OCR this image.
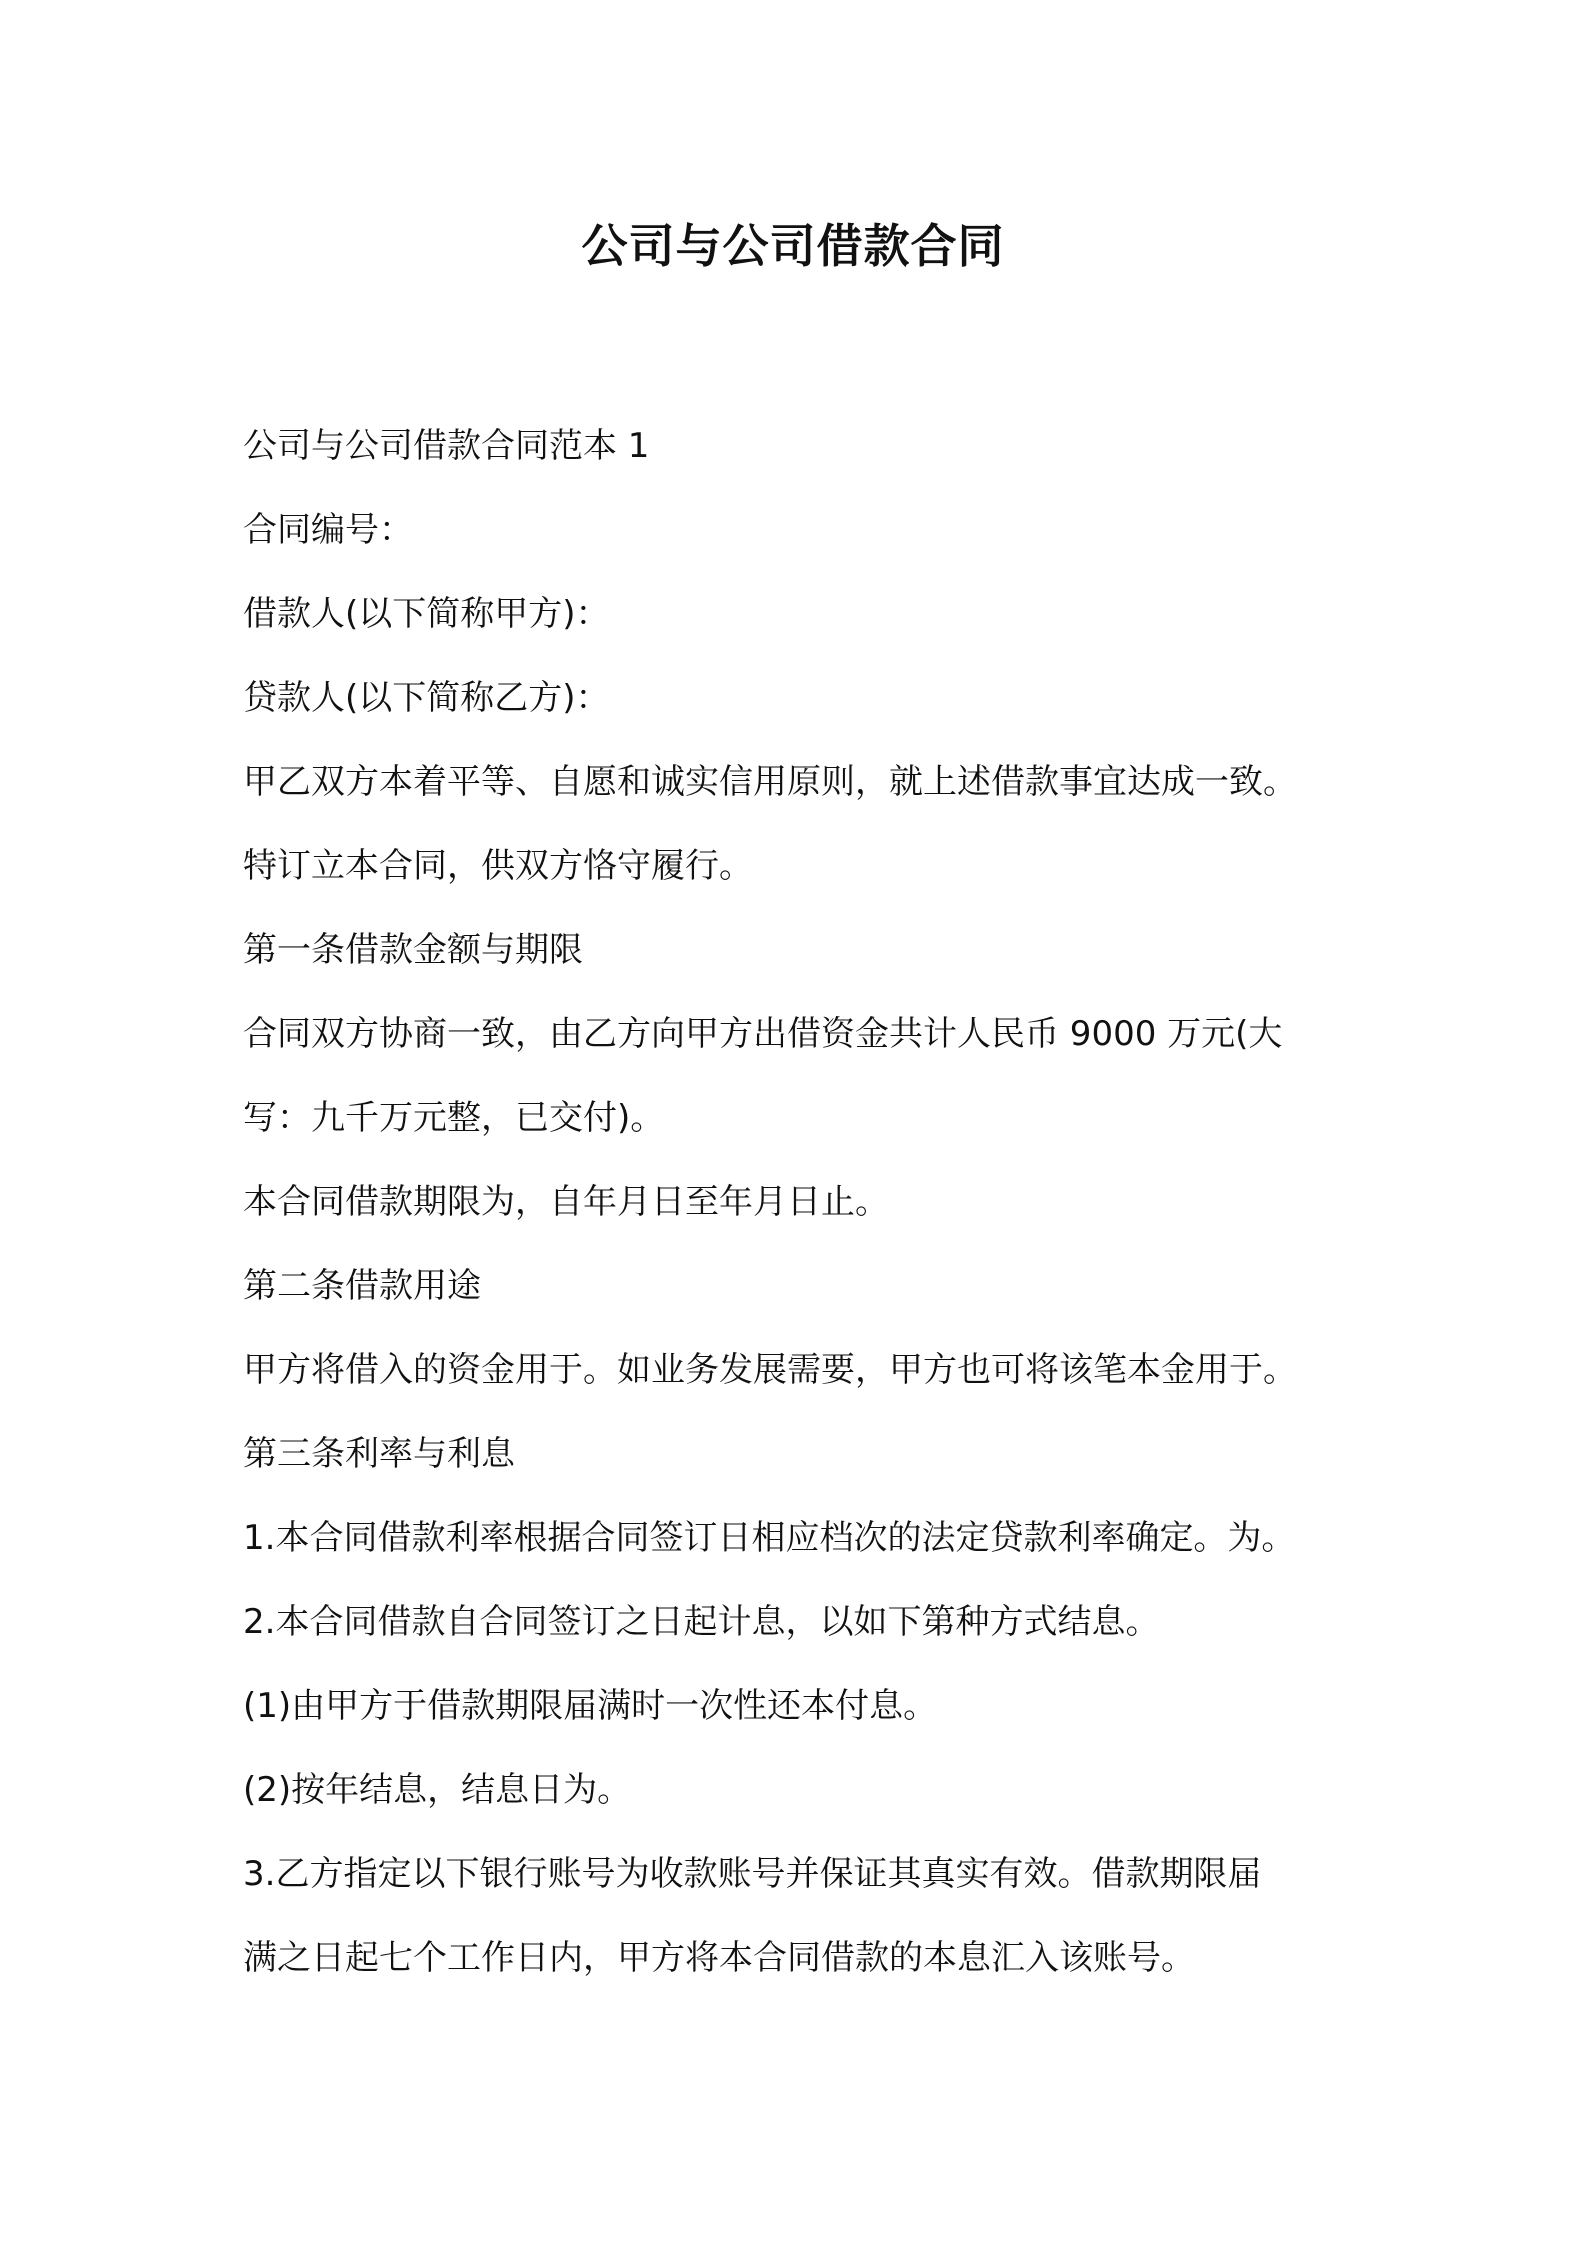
公司与公司借款合同
公司与公司借款合同范本 1
合同编号：
借款人(以下简称甲方)：
贷款人(以下简称乙方)：
甲乙双方本着平等、自愿和诚实信用原则，就上述借款事宜达成一致。
特订立本合同，供双方恪守履行。
第一条借款金额与期限
合同双方协商一致，由乙方向甲方出借资金共计人民币 9000 万元(大
写：九千万元整，已交付)。
本合同借款期限为，自年月日至年月日止。
第二条借款用途
甲方将借入的资金用于。如业务发展需要，甲方也可将该笔本金用于。
第三条利率与利息
1.本合同借款利率根据合同签订日相应档次的法定贷款利率确定。为。
2.本合同借款自合同签订之日起计息，以如下第种方式结息。
(1)由甲方于借款期限届满时一次性还本付息。
(2)按年结息，结息日为。
3.乙方指定以下银行账号为收款账号并保证其真实有效。借款期限届
满之日起七个工作日内，甲方将本合同借款的本息汇入该账号。
